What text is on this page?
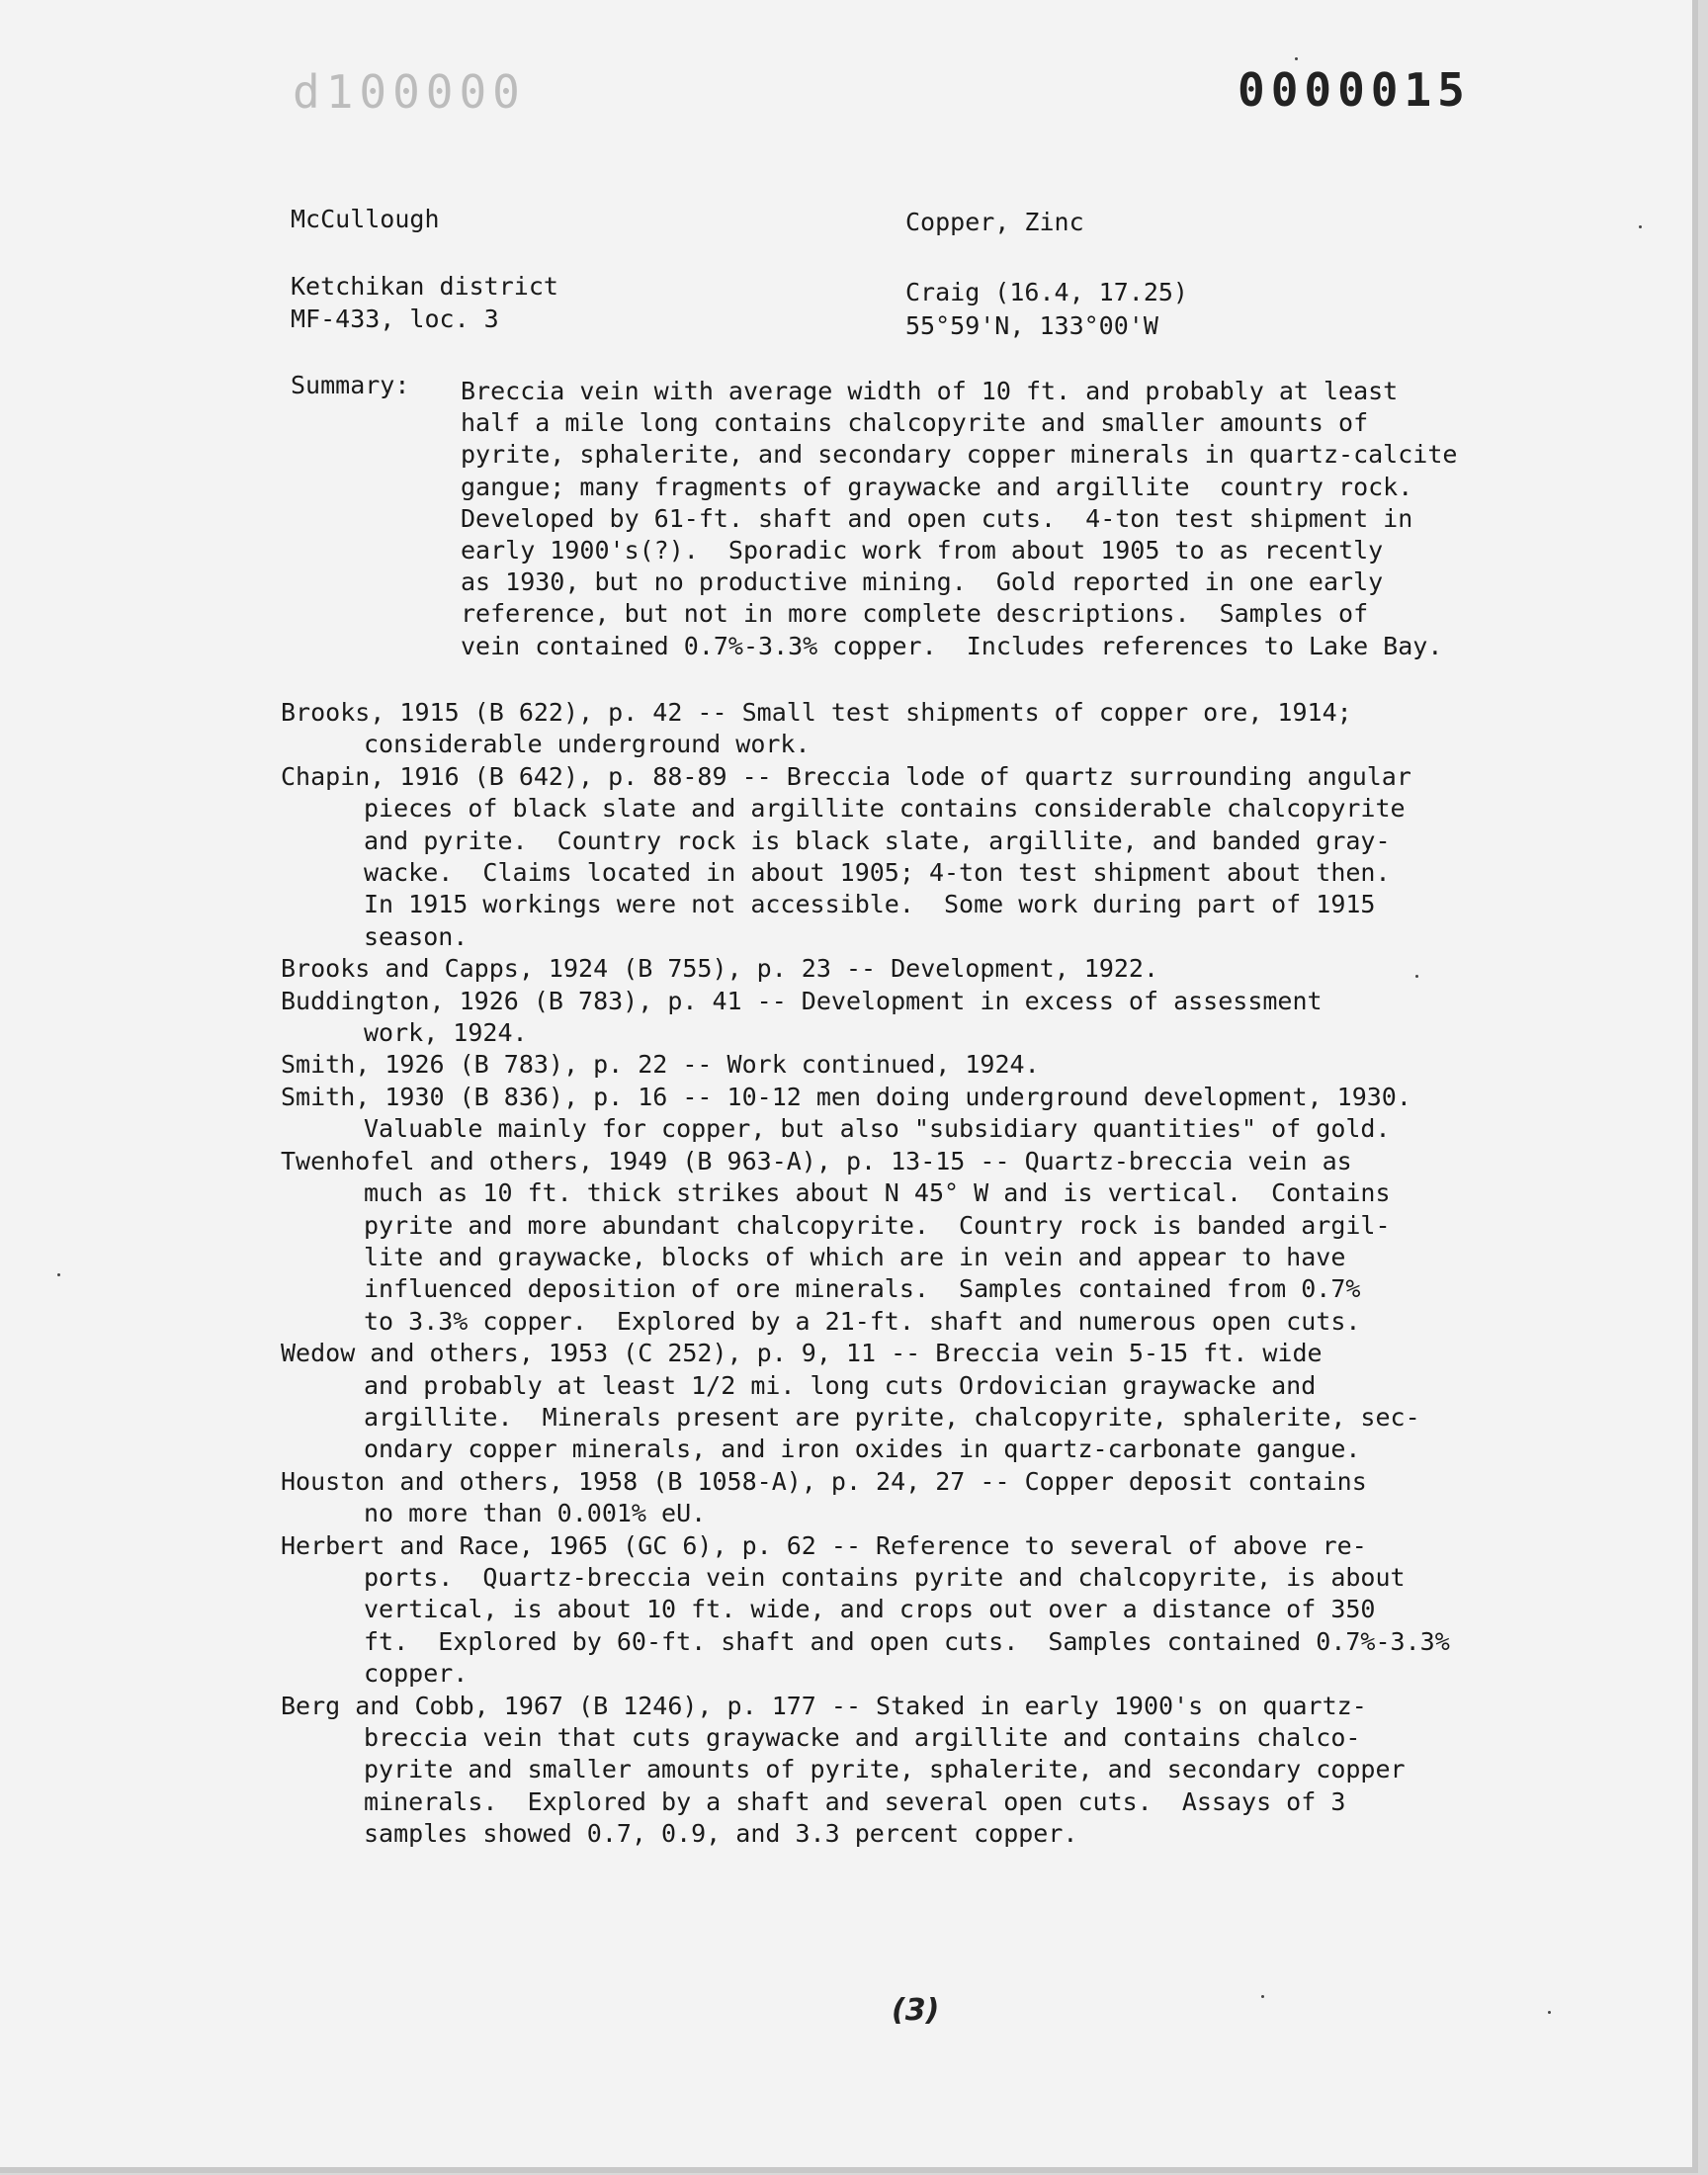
d100000	0000015
McCullough	Copper, Zinc
Ketchikan district	Craig (16.4, 17.25)
MF-433, loc. 3	55°59'N, 133°00'W
Summary: Breccia vein with average width of 10 ft. and probably at least
half a mile long contains chalcopyrite and smaller amounts of
pyrite, sphalerite, and secondary copper minerals in quartz-calcite
gangue; many fragments of graywacke and argillite  country rock.
Developed by 61-ft. shaft and open cuts.  4-ton test shipment in
early 1900's(?).  Sporadic work from about 1905 to as recently
as 1930, but no productive mining.  Gold reported in one early
reference, but not in more complete descriptions.  Samples of
vein contained 0.7%-3.3% copper.  Includes references to Lake Bay.
Brooks, 1915 (B 622), p. 42 -- Small test shipments of copper ore, 1914;
considerable underground work.
Chapin, 1916 (B 642), p. 88-89 -- Breccia lode of quartz surrounding angular
pieces of black slate and argillite contains considerable chalcopyrite
and pyrite.  Country rock is black slate, argillite, and banded gray-
wacke.  Claims located in about 1905; 4-ton test shipment about then.
In 1915 workings were not accessible.  Some work during part of 1915
season.
Brooks and Capps, 1924 (B 755), p. 23 -- Development, 1922.
Buddington, 1926 (B 783), p. 41 -- Development in excess of assessment
work, 1924.
Smith, 1926 (B 783), p. 22 -- Work continued, 1924.
Smith, 1930 (B 836), p. 16 -- 10-12 men doing underground development, 1930.
Valuable mainly for copper, but also "subsidiary quantities" of gold.
Twenhofel and others, 1949 (B 963-A), p. 13-15 -- Quartz-breccia vein as
much as 10 ft. thick strikes about N 45° W and is vertical.  Contains
pyrite and more abundant chalcopyrite.  Country rock is banded argil-
lite and graywacke, blocks of which are in vein and appear to have
influenced deposition of ore minerals.  Samples contained from 0.7%
to 3.3% copper.  Explored by a 21-ft. shaft and numerous open cuts.
Wedow and others, 1953 (C 252), p. 9, 11 -- Breccia vein 5-15 ft. wide
and probably at least 1/2 mi. long cuts Ordovician graywacke and
argillite.  Minerals present are pyrite, chalcopyrite, sphalerite, sec-
ondary copper minerals, and iron oxides in quartz-carbonate gangue.
Houston and others, 1958 (B 1058-A), p. 24, 27 -- Copper deposit contains
no more than 0.001% eU.
Herbert and Race, 1965 (GC 6), p. 62 -- Reference to several of above re-
ports.  Quartz-breccia vein contains pyrite and chalcopyrite, is about
vertical, is about 10 ft. wide, and crops out over a distance of 350
ft.  Explored by 60-ft. shaft and open cuts.  Samples contained 0.7%-3.3%
copper.
Berg and Cobb, 1967 (B 1246), p. 177 -- Staked in early 1900's on quartz-
breccia vein that cuts graywacke and argillite and contains chalco-
pyrite and smaller amounts of pyrite, sphalerite, and secondary copper
minerals.  Explored by a shaft and several open cuts.  Assays of 3
samples showed 0.7, 0.9, and 3.3 percent copper.
(3)
